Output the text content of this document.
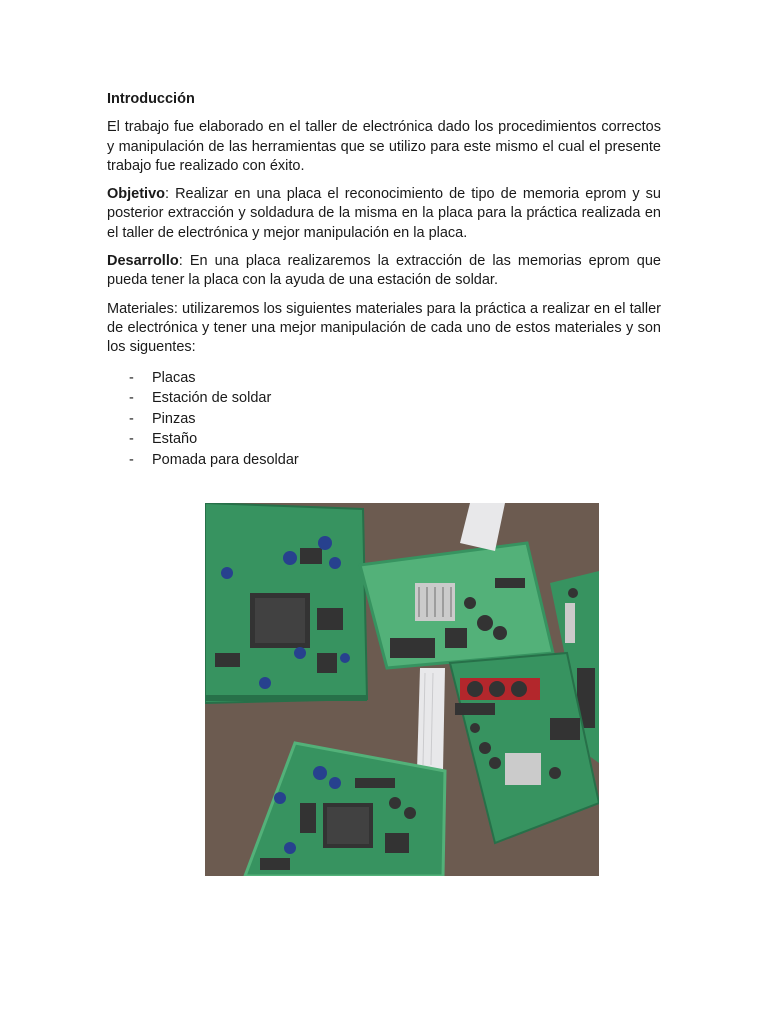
Introducción

El trabajo fue elaborado en el taller de electrónica dado los procedimientos correctos y manipulación de las herramientas que se utilizo para este mismo el cual el presente trabajo fue realizado con éxito.

Objetivo: Realizar en una placa el reconocimiento de tipo de memoria eprom y su posterior extracción y soldadura de la misma en la placa para la práctica realizada en el taller de electrónica y mejor manipulación en la placa.

Desarrollo: En una placa realizaremos la extracción de las memorias eprom que pueda tener la placa con la ayuda de una estación de soldar.

Materiales: utilizaremos los siguientes materiales para la práctica a realizar en el taller de electrónica y tener una mejor manipulación de cada uno de estos materiales y son los siguentes:

- Placas
- Estación de soldar
- Pinzas
- Estaño
- Pomada para desoldar
